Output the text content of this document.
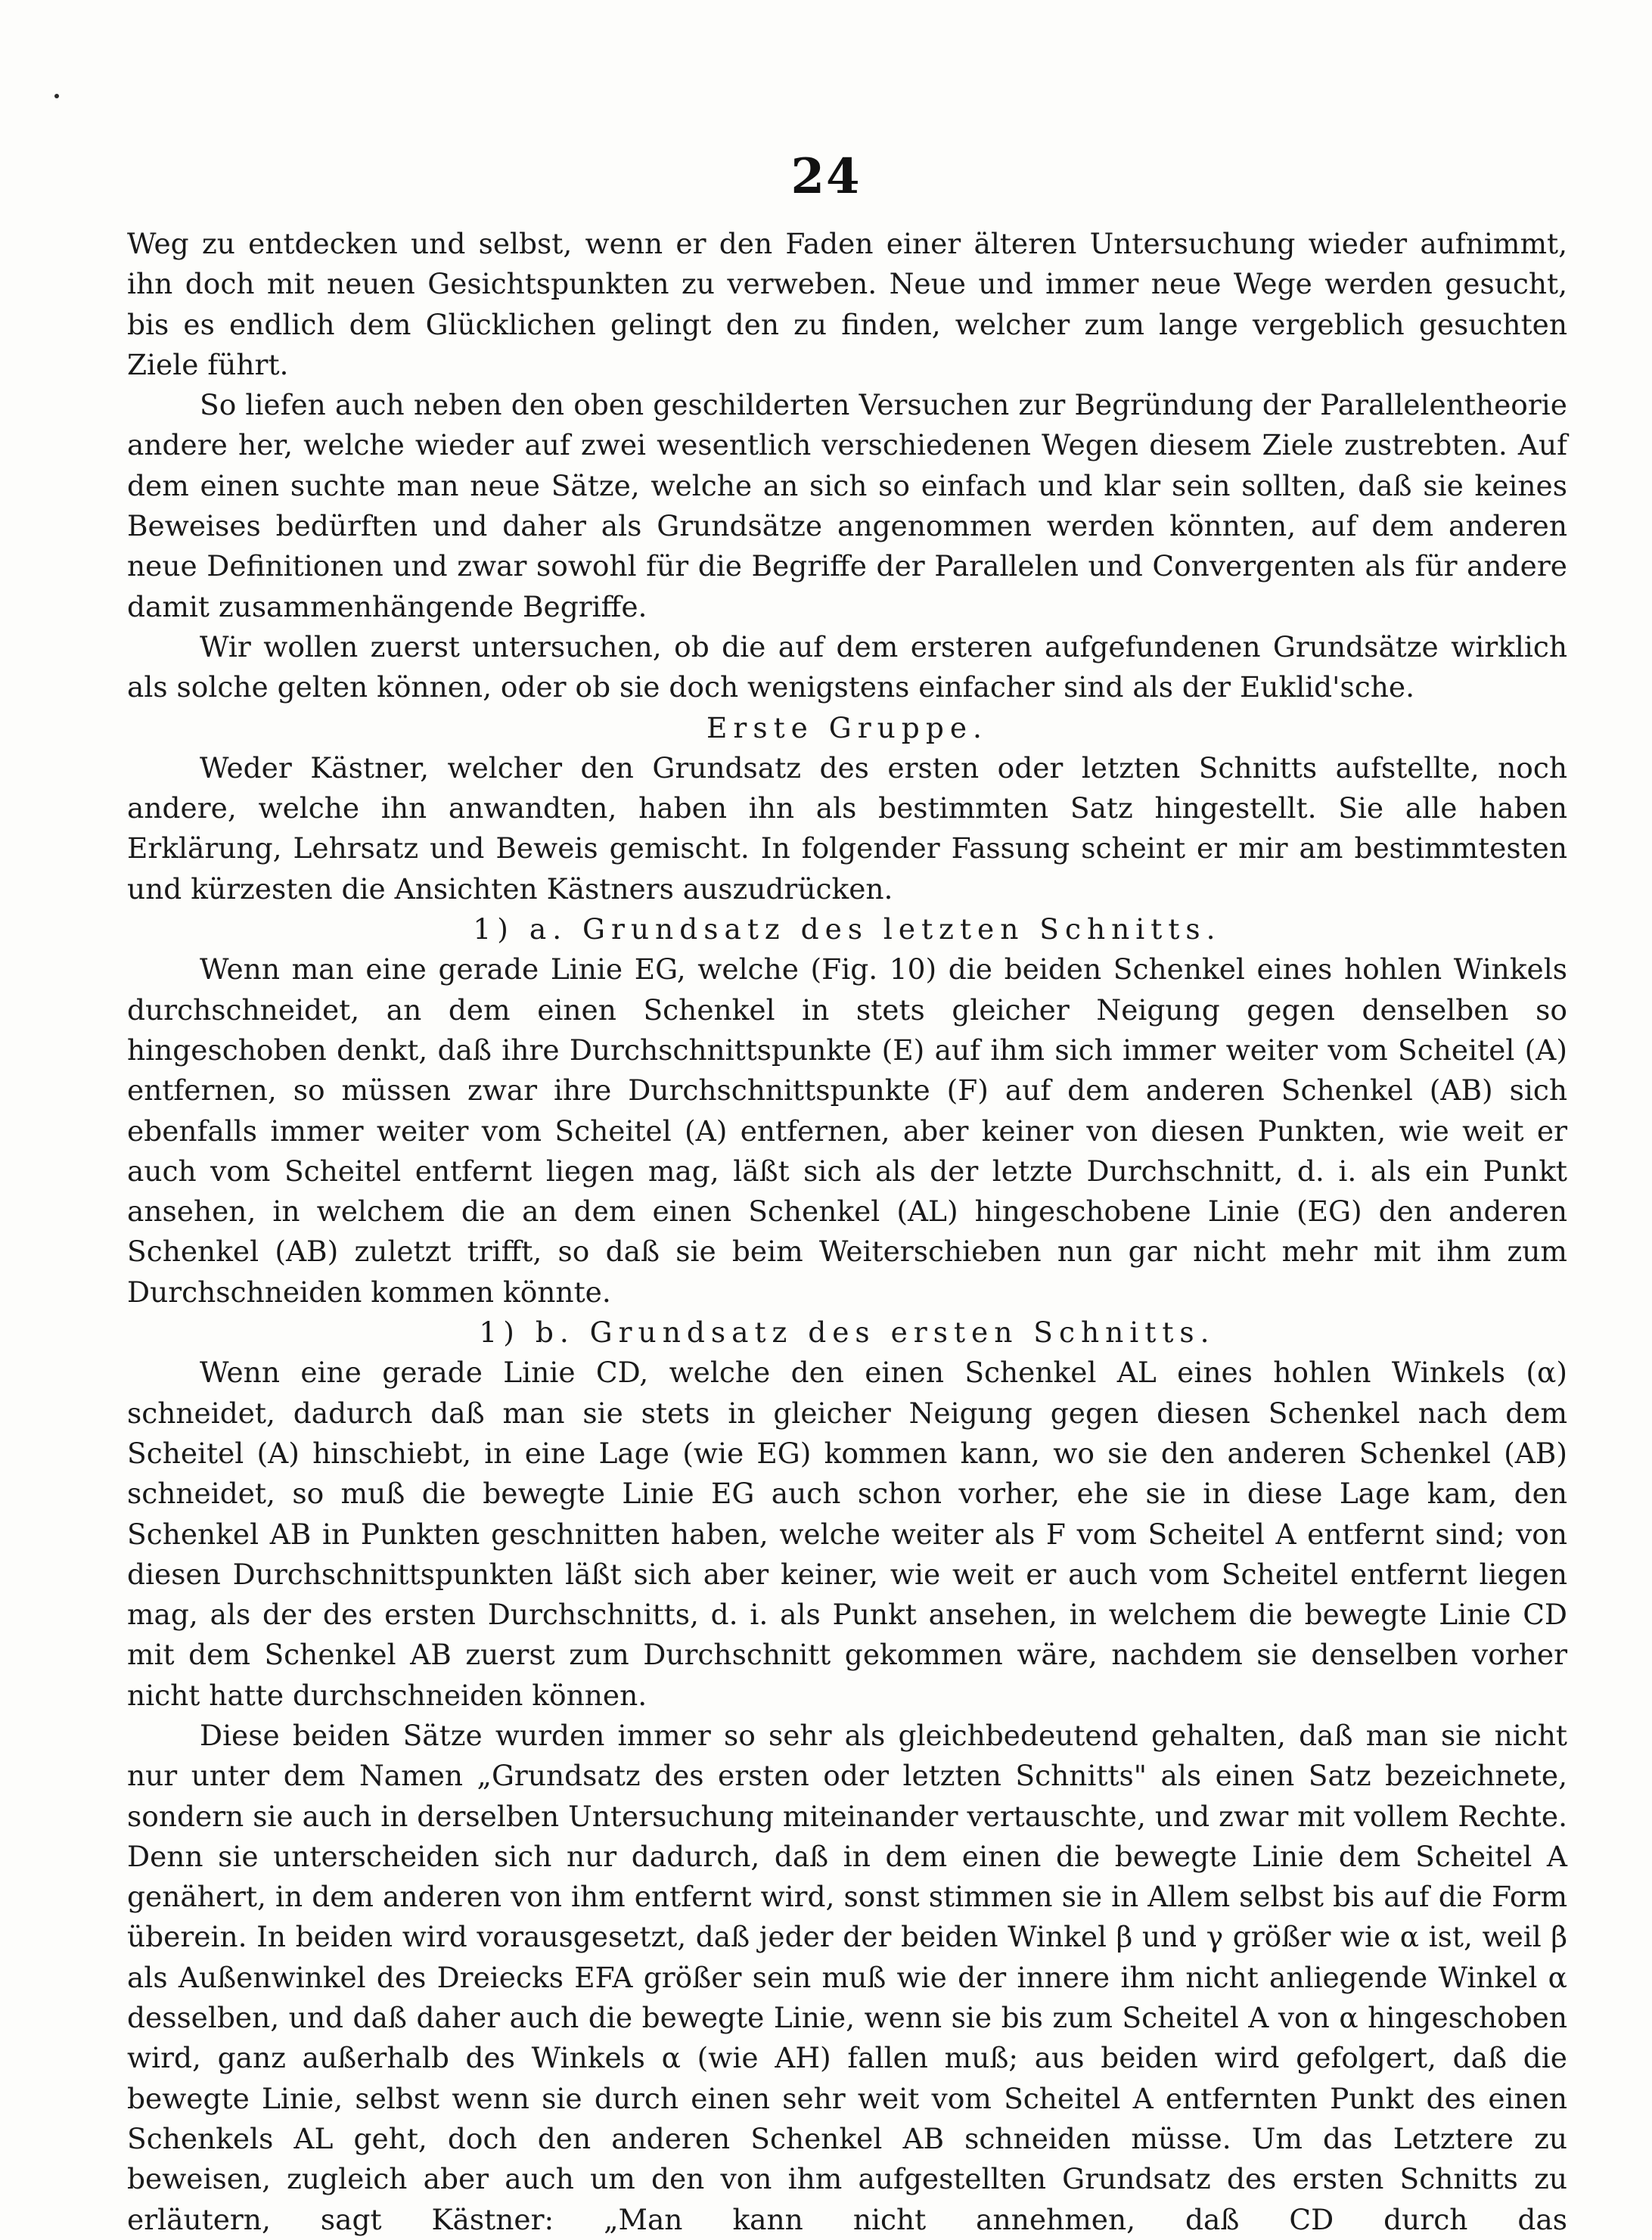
24

Weg zu entdecken und selbst, wenn er den Faden einer älteren Untersuchung wieder aufnimmt, ihn doch mit neuen Gesichtspunkten zu verweben. Neue und immer neue Wege werden gesucht, bis es endlich dem Glücklichen gelingt den zu finden, welcher zum lange vergeblich gesuchten Ziele führt.

So liefen auch neben den oben geschilderten Versuchen zur Begründung der Parallelentheorie andere her, welche wieder auf zwei wesentlich verschiedenen Wegen diesem Ziele zustrebten. Auf dem einen suchte man neue Sätze, welche an sich so einfach und klar sein sollten, daß sie keines Beweises bedürften und daher als Grundsätze angenommen werden könnten, auf dem anderen neue Definitionen und zwar sowohl für die Begriffe der Parallelen und Convergenten als für andere damit zusammenhängende Begriffe.

Wir wollen zuerst untersuchen, ob die auf dem ersteren aufgefundenen Grundsätze wirklich als solche gelten können, oder ob sie doch wenigstens einfacher sind als der Euklid'sche.

Erste Gruppe.

Weder Kästner, welcher den Grundsatz des ersten oder letzten Schnitts aufstellte, noch andere, welche ihn anwandten, haben ihn als bestimmten Satz hingestellt. Sie alle haben Erklärung, Lehrsatz und Beweis gemischt. In folgender Fassung scheint er mir am bestimmtesten und kürzesten die Ansichten Kästners auszudrücken.

1) a. Grundsatz des letzten Schnitts.

Wenn man eine gerade Linie EG, welche (Fig. 10) die beiden Schenkel eines hohlen Winkels durchschneidet, an dem einen Schenkel in stets gleicher Neigung gegen denselben so hingeschoben denkt, daß ihre Durchschnittspunkte (E) auf ihm sich immer weiter vom Scheitel (A) entfernen, so müssen zwar ihre Durchschnittspunkte (F) auf dem anderen Schenkel (AB) sich ebenfalls immer weiter vom Scheitel (A) entfernen, aber keiner von diesen Punkten, wie weit er auch vom Scheitel entfernt liegen mag, läßt sich als der letzte Durchschnitt, d. i. als ein Punkt ansehen, in welchem die an dem einen Schenkel (AL) hingeschobene Linie (EG) den anderen Schenkel (AB) zuletzt trifft, so daß sie beim Weiterschieben nun gar nicht mehr mit ihm zum Durchschneiden kommen könnte.

1) b. Grundsatz des ersten Schnitts.

Wenn eine gerade Linie CD, welche den einen Schenkel AL eines hohlen Winkels (α) schneidet, dadurch daß man sie stets in gleicher Neigung gegen diesen Schenkel nach dem Scheitel (A) hinschiebt, in eine Lage (wie EG) kommen kann, wo sie den anderen Schenkel (AB) schneidet, so muß die bewegte Linie EG auch schon vorher, ehe sie in diese Lage kam, den Schenkel AB in Punkten geschnitten haben, welche weiter als F vom Scheitel A entfernt sind; von diesen Durchschnittspunkten läßt sich aber keiner, wie weit er auch vom Scheitel entfernt liegen mag, als der des ersten Durchschnitts, d. i. als Punkt ansehen, in welchem die bewegte Linie CD mit dem Schenkel AB zuerst zum Durchschnitt gekommen wäre, nachdem sie denselben vorher nicht hatte durchschneiden können.

Diese beiden Sätze wurden immer so sehr als gleichbedeutend gehalten, daß man sie nicht nur unter dem Namen „Grundsatz des ersten oder letzten Schnitts" als einen Satz bezeichnete, sondern sie auch in derselben Untersuchung miteinander vertauschte, und zwar mit vollem Rechte. Denn sie unterscheiden sich nur dadurch, daß in dem einen die bewegte Linie dem Scheitel A genähert, in dem anderen von ihm entfernt wird, sonst stimmen sie in Allem selbst bis auf die Form überein. In beiden wird vorausgesetzt, daß jeder der beiden Winkel β und γ größer wie α ist, weil β als Außenwinkel des Dreiecks EFA größer sein muß wie der innere ihm nicht anliegende Winkel α desselben, und daß daher auch die bewegte Linie, wenn sie bis zum Scheitel A von α hingeschoben wird, ganz außerhalb des Winkels α (wie AH) fallen muß; aus beiden wird gefolgert, daß die bewegte Linie, selbst wenn sie durch einen sehr weit vom Scheitel A entfernten Punkt des einen Schenkels AL geht, doch den anderen Schenkel AB schneiden müsse. Um das Letztere zu beweisen, zugleich aber auch um den von ihm aufgestellten Grundsatz des ersten Schnitts zu erläutern, sagt Kästner: „Man kann nicht annehmen, daß CD durch das
